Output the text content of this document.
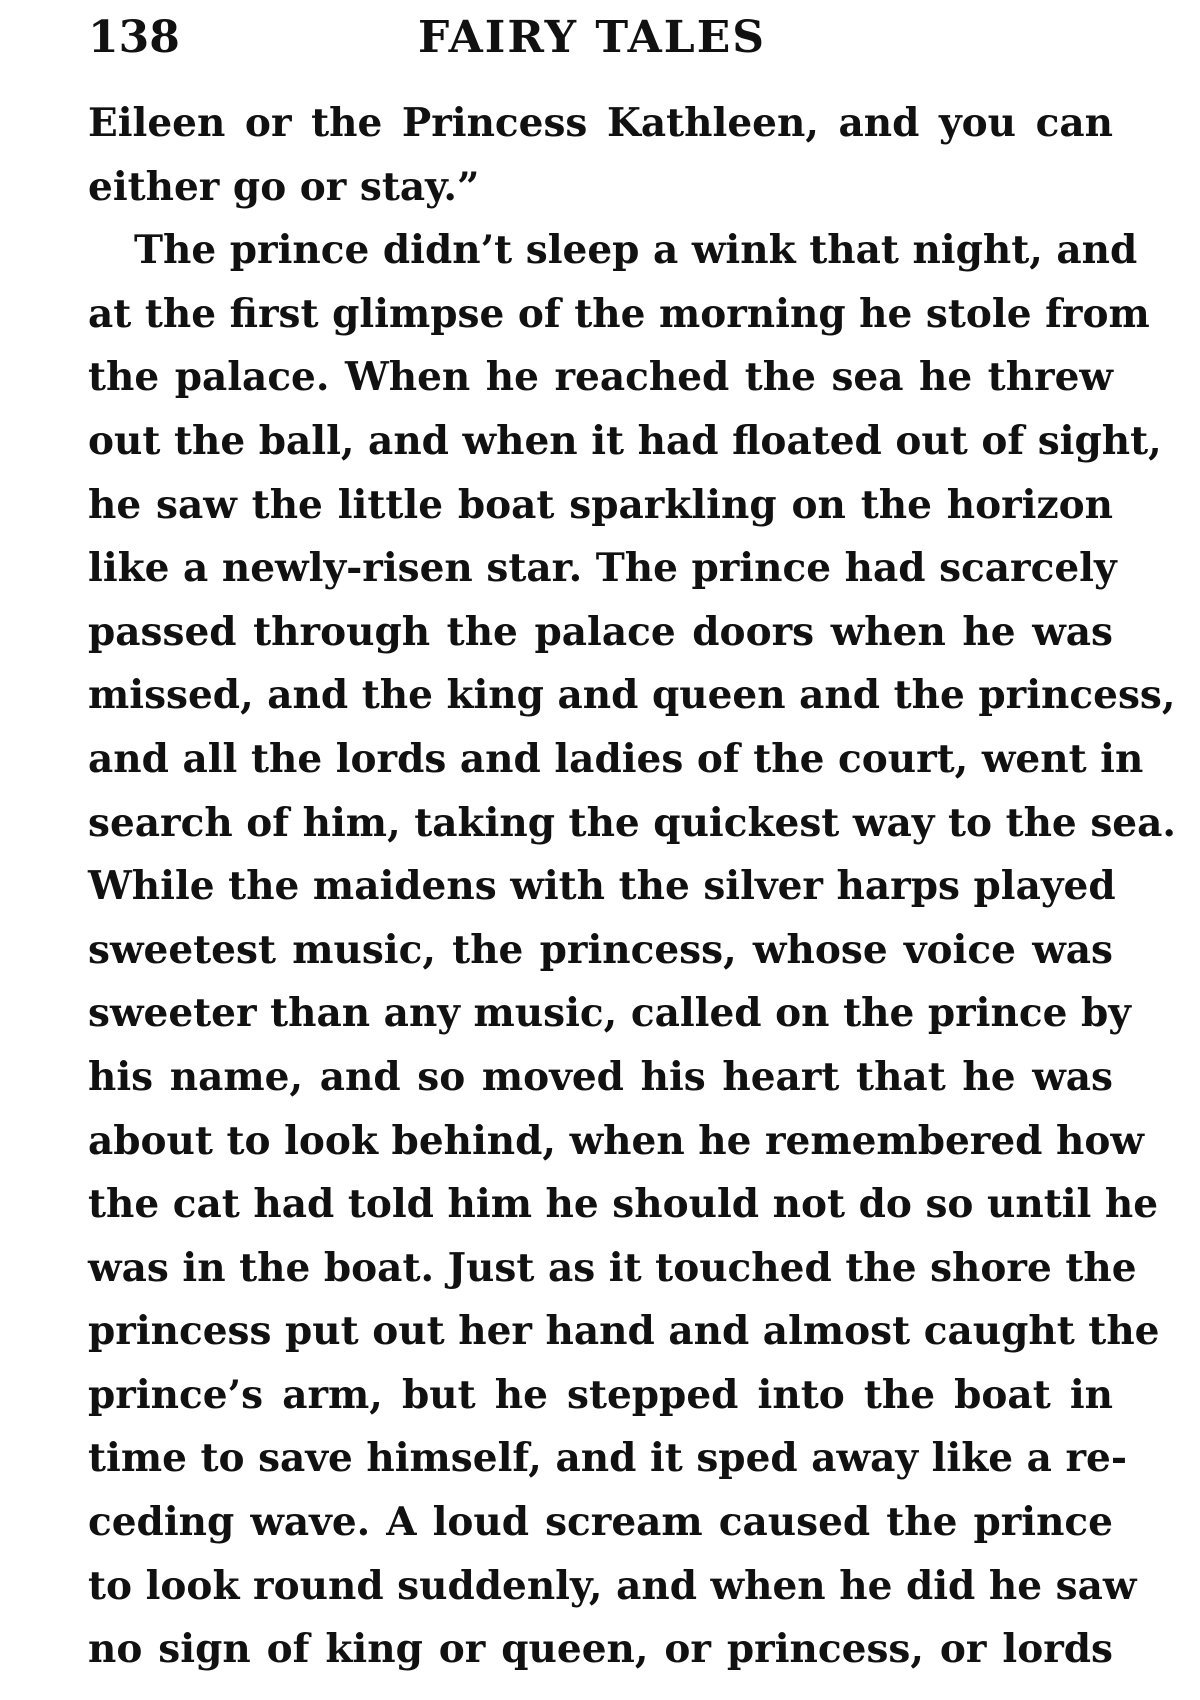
138	FAIRY TALES
Eileen or the Princess Kathleen, and you can
either go or stay.”
The prince didn’t sleep a wink that night, and
at the first glimpse of the morning he stole from
the palace. When he reached the sea he threw
out the ball, and when it had floated out of sight,
he saw the little boat sparkling on the horizon
like a newly-risen star. The prince had scarcely
passed through the palace doors when he was
missed, and the king and queen and the princess,
and all the lords and ladies of the court, went in
search of him, taking the quickest way to the sea.
While the maidens with the silver harps played
sweetest music, the princess, whose voice was
sweeter than any music, called on the prince by
his name, and so moved his heart that he was
about to look behind, when he remembered how
the cat had told him he should not do so until he
was in the boat. Just as it touched the shore the
princess put out her hand and almost caught the
prince’s arm, but he stepped into the boat in
time to save himself, and it sped away like a re-
ceding wave. A loud scream caused the prince
to look round suddenly, and when he did he saw
no sign of king or queen, or princess, or lords
